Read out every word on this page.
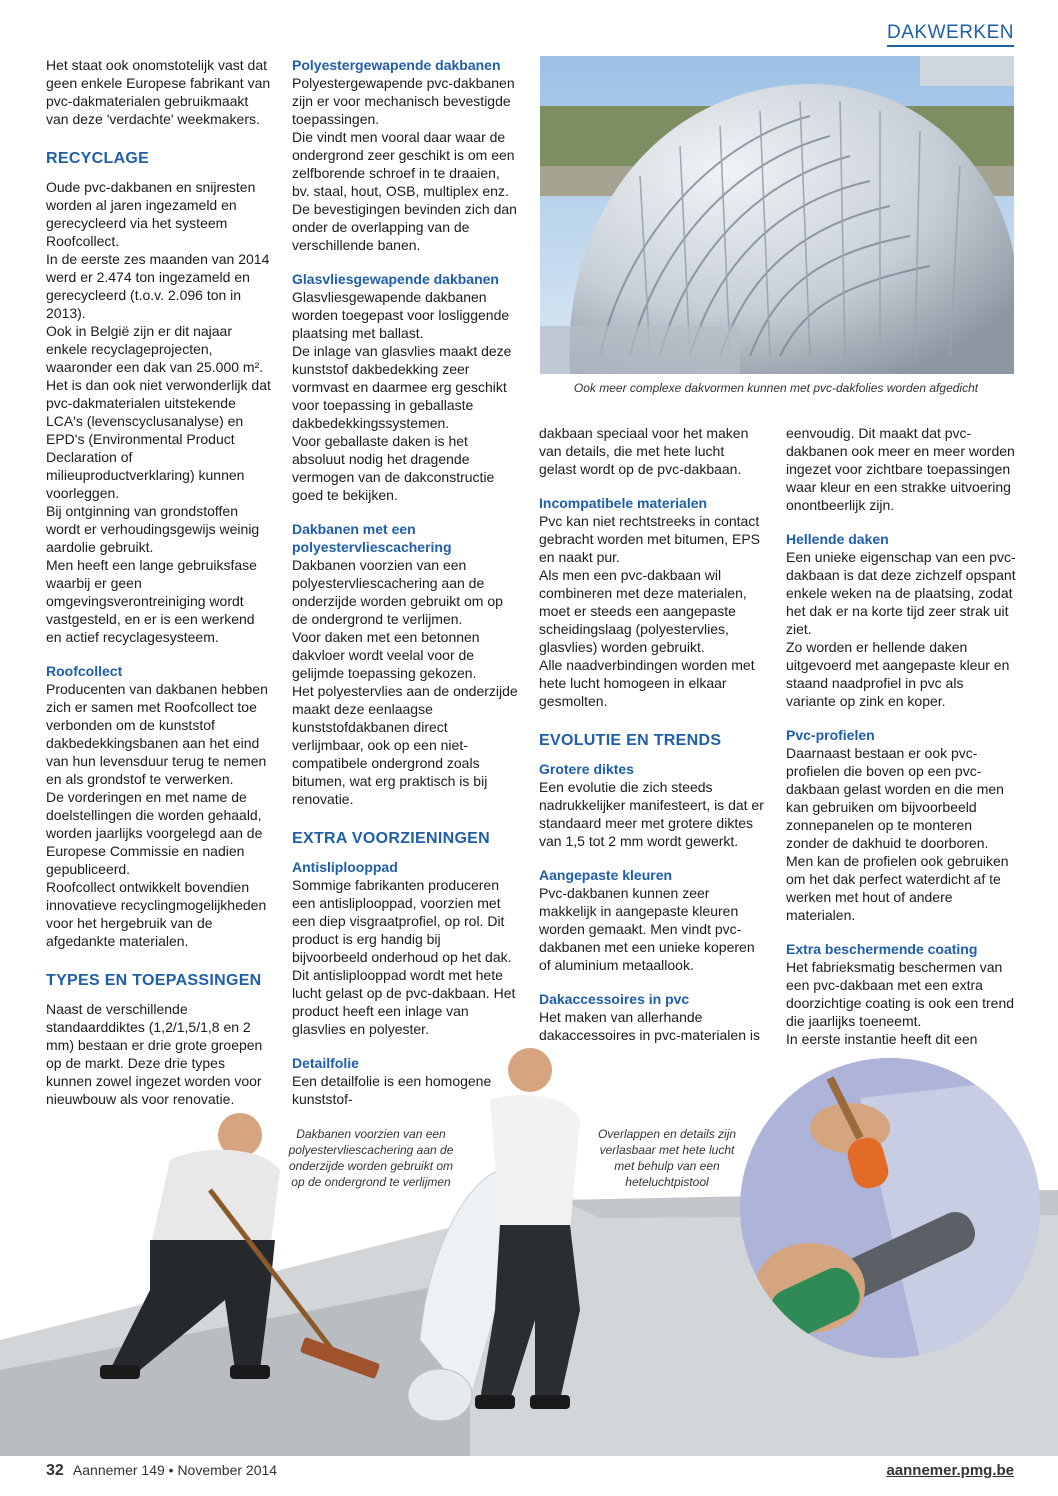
DAKWERKEN

Het staat ook onomstotelijk vast dat geen enkele Europese fabrikant van pvc-dakmaterialen gebruikmaakt van deze 'verdachte' weekmakers.

RECYCLAGE

Oude pvc-dakbanen en snijresten worden al jaren ingezameld en gerecycleerd via het systeem Roofcollect.

In de eerste zes maanden van 2014 werd er 2.474 ton ingezameld en gerecycleerd (t.o.v. 2.096 ton in 2013).

Ook in België zijn er dit najaar enkele recyclageprojecten, waaronder een dak van 25.000 m².

Het is dan ook niet verwonderlijk dat pvc-dakmaterialen uitstekende LCA's (levenscyclusanalyse) en EPD's (Environmental Product Declaration of milieuproductverklaring) kunnen voorleggen.

Bij ontginning van grondstoffen wordt er verhoudingsgewijs weinig aardolie gebruikt.

Men heeft een lange gebruiksfase waarbij er geen omgevingsverontreiniging wordt vastgesteld, en er is een werkend en actief recyclagesysteem.

Roofcollect

Producenten van dakbanen hebben zich er samen met Roofcollect toe verbonden om de kunststof dakbedekkingsbanen aan het eind van hun levensduur terug te nemen en als grondstof te verwerken.

De vorderingen en met name de doelstellingen die worden gehaald, worden jaarlijks voorgelegd aan de Europese Commissie en nadien gepubliceerd.

Roofcollect ontwikkelt bovendien innovatieve recyclingmogelijkheden voor het hergebruik van de afgedankte materialen.

TYPES EN TOEPASSINGEN

Naast de verschillende standaarddiktes (1,2/1,5/1,8 en 2 mm) bestaan er drie grote groepen op de markt. Deze drie types kunnen zowel ingezet worden voor nieuwbouw als voor renovatie.

Polyestergewapende dakbanen

Polyestergewapende pvc-dakbanen zijn er voor mechanisch bevestigde toepassingen.

Die vindt men vooral daar waar de ondergrond zeer geschikt is om een zelfborende schroef in te draaien, bv. staal, hout, OSB, multiplex enz. De bevestigingen bevinden zich dan onder de overlapping van de verschillende banen.

Glasvliesgewapende dakbanen

Glasvliesgewapende dakbanen worden toegepast voor losliggende plaatsing met ballast.

De inlage van glasvlies maakt deze kunststof dakbedekking zeer vormvast en daarmee erg geschikt voor toepassing in geballaste dakbedekkingssystemen.

Voor geballaste daken is het absoluut nodig het dragende vermogen van de dakconstructie goed te bekijken.

Dakbanen met een polyestervliescachering

Dakbanen voorzien van een polyestervliescachering aan de onderzijde worden gebruikt om op de ondergrond te verlijmen.

Voor daken met een betonnen dakvloer wordt veelal voor de gelijmde toepassing gekozen.

Het polyestervlies aan de onderzijde maakt deze eenlaagse kunststofdakbanen direct verlijmbaar, ook op een niet-compatibele ondergrond zoals bitumen, wat erg praktisch is bij renovatie.

EXTRA VOORZIENINGEN
Antisliplooppad

Sommige fabrikanten produceren een antisliplooppad, voorzien met een diep visgraatprofiel, op rol. Dit product is erg handig bij bijvoorbeeld onderhoud op het dak. Dit antisliplooppad wordt met hete lucht gelast op de pvc-dakbaan. Het product heeft een inlage van glasvlies en polyester.

Detailfolie

Een detailfolie is een homogene kunststof-

Ook meer complexe dakvormen kunnen met pvc-dakfolies worden afgedicht

dakbaan speciaal voor het maken van details, die met hete lucht gelast wordt op de pvc-dakbaan.

Incompatibele materialen

Pvc kan niet rechtstreeks in contact gebracht worden met bitumen, EPS en naakt pur.

Als men een pvc-dakbaan wil combineren met deze materialen, moet er steeds een aangepaste scheidingslaag (polyestervlies, glasvlies) worden gebruikt.

Alle naadverbindingen worden met hete lucht homogeen in elkaar gesmolten.

EVOLUTIE EN TRENDS
Grotere diktes

Een evolutie die zich steeds nadrukkelijker manifesteert, is dat er standaard meer met grotere diktes van 1,5 tot 2 mm wordt gewerkt.

Aangepaste kleuren

Pvc-dakbanen kunnen zeer makkelijk in aangepaste kleuren worden gemaakt. Men vindt pvc-dakbanen met een unieke koperen of aluminium metaallook.

Dakaccessoires in pvc

Het maken van allerhande dakaccessoires in pvc-materialen is

eenvoudig. Dit maakt dat pvc-dakbanen ook meer en meer worden ingezet voor zichtbare toepassingen waar kleur en een strakke uitvoering onontbeerlijk zijn.

Hellende daken

Een unieke eigenschap van een pvc-dakbaan is dat deze zichzelf opspant enkele weken na de plaatsing, zodat het dak er na korte tijd zeer strak uit ziet.

Zo worden er hellende daken uitgevoerd met aangepaste kleur en staand naadprofiel in pvc als variante op zink en koper.

Pvc-profielen

Daarnaast bestaan er ook pvc-profielen die boven op een pvc-dakbaan gelast worden en die men kan gebruiken om bijvoorbeeld zonnepanelen op te monteren zonder de dakhuid te doorboren.

Men kan de profielen ook gebruiken om het dak perfect waterdicht af te werken met hout of andere materialen.

Extra beschermende coating

Het fabrieksmatig beschermen van een pvc-dakbaan met een extra doorzichtige coating is ook een trend die jaarlijks toeneemt.

In eerste instantie heeft dit een

Dakbanen voorzien van een polyestervliescachering aan de onderzijde worden gebruikt om op de ondergrond te verlijmen
Overlappen en details zijn verlasbaar met hete lucht met behulp van een heteluchtpistool
32 Aannemer 149 • November 2014	aannemer.pmg.be
